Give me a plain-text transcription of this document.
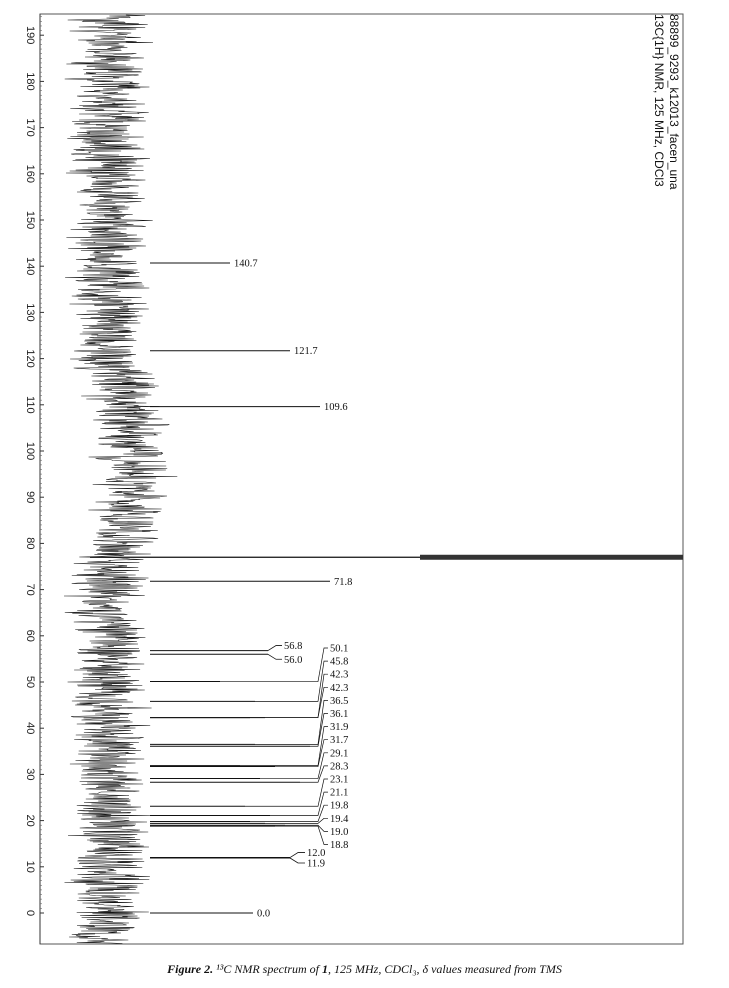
190
180
170
160
150
140
130
120
110
100
90
80
70
60
50
40
30
20
10
0
140.7
121.7
109.6
71.8
0.0
56.8
56.0
12.0
11.9
50.1
45.8
42.3
42.3
36.5
36.1
31.9
31.7
29.1
28.3
23.1
21.1
19.8
19.4
19.0
18.8
88899_9293_k12013_facen_una
13C{1H} NMR, 125 MHz, CDCl3
Figure 2. ¹³C NMR spectrum of 1, 125 MHz, CDCl₃, δ values measured from TMS
